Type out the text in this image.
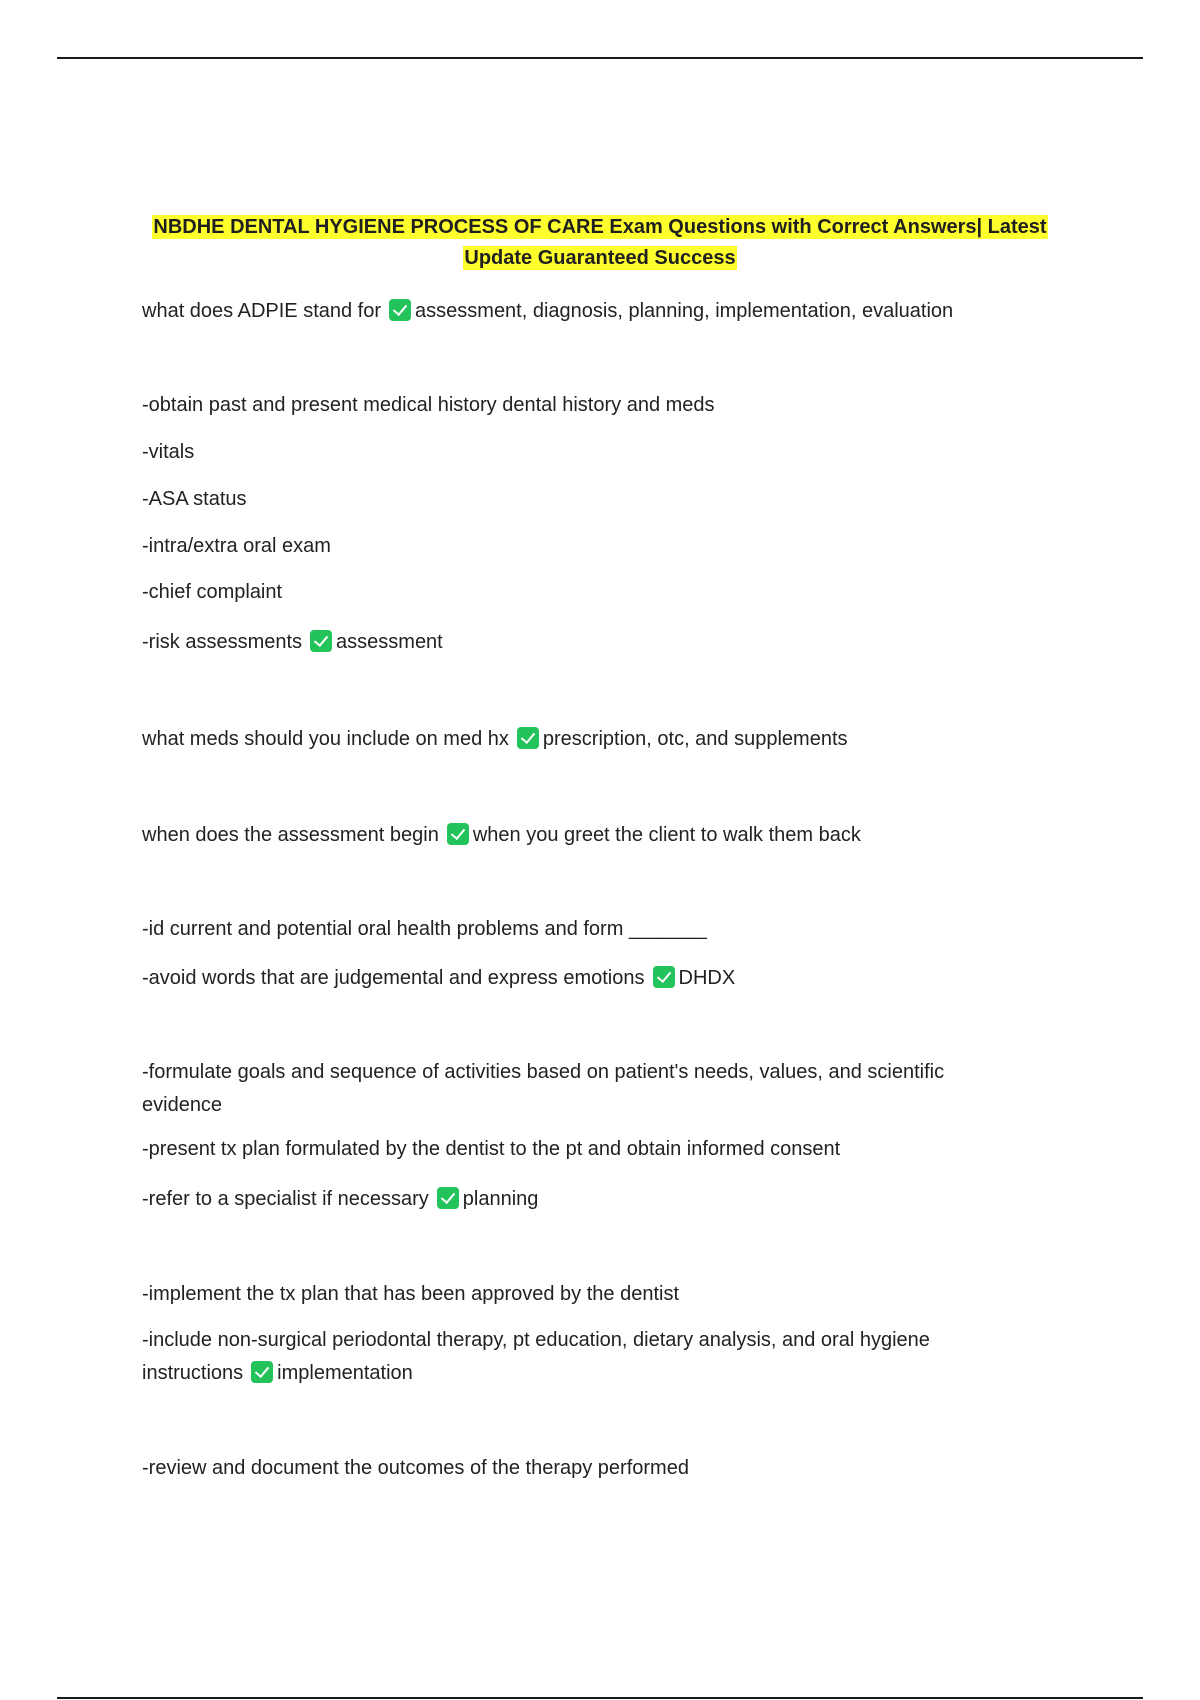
NBDHE DENTAL HYGIENE PROCESS OF CARE Exam Questions with Correct Answers| Latest
Update Guaranteed Success
what does ADPIE stand for assessment, diagnosis, planning, implementation, evaluation
-obtain past and present medical history dental history and meds
-vitals
-ASA status
-intra/extra oral exam
-chief complaint
-risk assessments assessment
what meds should you include on med hx prescription, otc, and supplements
when does the assessment begin when you greet the client to walk them back
-id current and potential oral health problems and form _______
-avoid words that are judgemental and express emotions DHDX
-formulate goals and sequence of activities based on patient's needs, values, and scientific evidence
-present tx plan formulated by the dentist to the pt and obtain informed consent
-refer to a specialist if necessary planning
-implement the tx plan that has been approved by the dentist
-include non-surgical periodontal therapy, pt education, dietary analysis, and oral hygiene instructions implementation
-review and document the outcomes of the therapy performed
